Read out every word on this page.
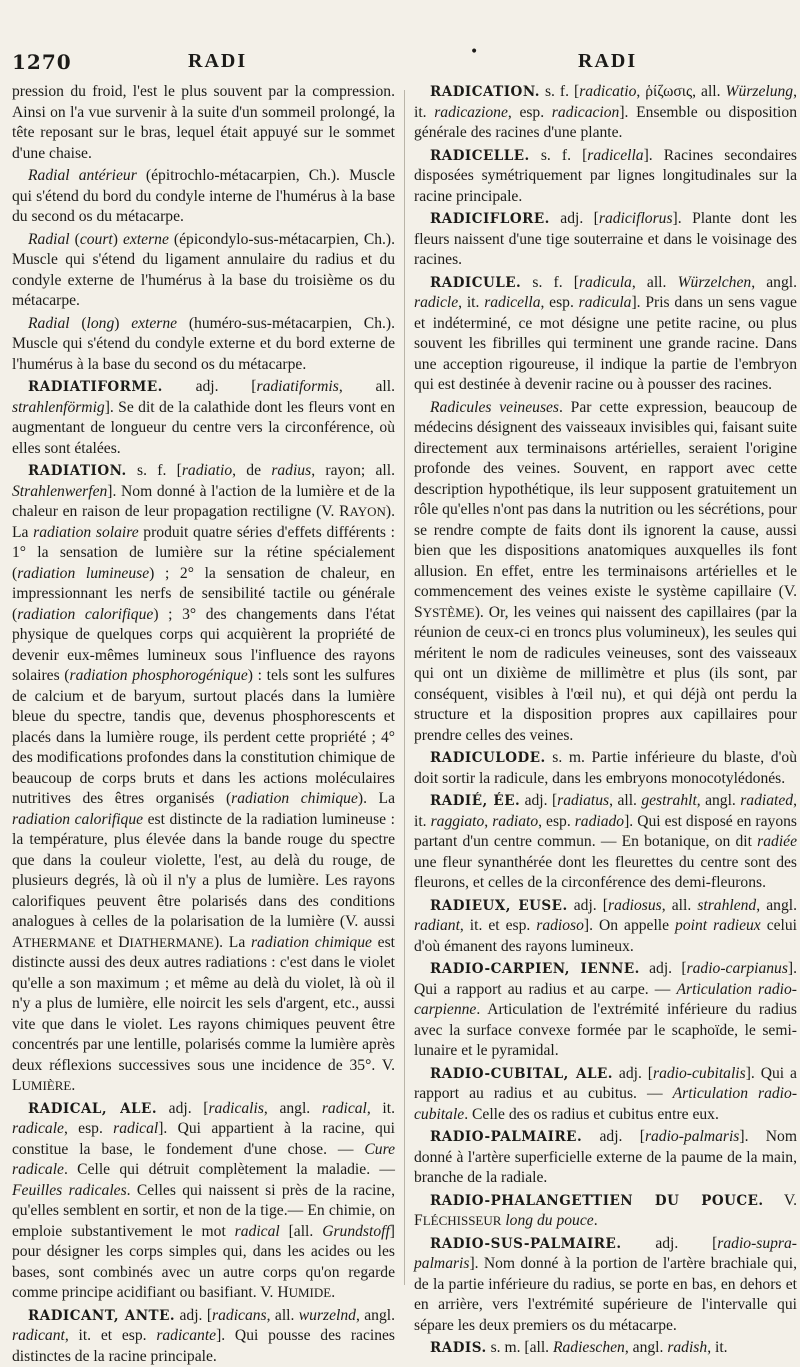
1270	•
RADI	RADI

pression du froid, l'est le plus souvent par la compression. Ainsi on l'a vue survenir à la suite d'un sommeil prolongé, la tête reposant sur le bras, lequel était appuyé sur le sommet d'une chaise.

Radial antérieur (épitrochlo-métacarpien, Ch.). Muscle qui s'étend du bord du condyle interne de l'humérus à la base du second os du métacarpe.

Radial (court) externe (épicondylo-sus-métacarpien, Ch.). Muscle qui s'étend du ligament annulaire du radius et du condyle externe de l'humérus à la base du troisième os du métacarpe.

Radial (long) externe (huméro-sus-métacarpien, Ch.). Muscle qui s'étend du condyle externe et du bord externe de l'humérus à la base du second os du métacarpe.

RADIATIFORME. adj. [radiatiformis, all. strahlenförmig]. Se dit de la calathide dont les fleurs vont en augmentant de longueur du centre vers la circonférence, où elles sont étalées.

RADIATION. s. f. [radiatio, de radius, rayon; all. Strahlenwerfen]. Nom donné à l'action de la lumière et de la chaleur en raison de leur propagation rectiligne (V. RAYON). La radiation solaire produit quatre séries d'effets différents : 1° la sensation de lumière sur la rétine spécialement (radiation lumineuse) ; 2° la sensation de chaleur, en impressionnant les nerfs de sensibilité tactile ou générale (radiation calorifique) ; 3° des changements dans l'état physique de quelques corps qui acquièrent la propriété de devenir eux-mêmes lumineux sous l'influence des rayons solaires (radiation phosphorogénique) : tels sont les sulfures de calcium et de baryum, surtout placés dans la lumière bleue du spectre, tandis que, devenus phosphorescents et placés dans la lumière rouge, ils perdent cette propriété ; 4° des modifications profondes dans la constitution chimique de beaucoup de corps bruts et dans les actions moléculaires nutritives des êtres organisés (radiation chimique). La radiation calorifique est distincte de la radiation lumineuse : la température, plus élevée dans la bande rouge du spectre que dans la couleur violette, l'est, au delà du rouge, de plusieurs degrés, là où il n'y a plus de lumière. Les rayons calorifiques peuvent être polarisés dans des conditions analogues à celles de la polarisation de la lumière (V. aussi ATHERMANE et DIATHERMANE). La radiation chimique est distincte aussi des deux autres radiations : c'est dans le violet qu'elle a son maximum ; et même au delà du violet, là où il n'y a plus de lumière, elle noircit les sels d'argent, etc., aussi vite que dans le violet. Les rayons chimiques peuvent être concentrés par une lentille, polarisés comme la lumière après deux réflexions successives sous une incidence de 35°. V. LUMIÈRE.

RADICAL, ALE. adj. [radicalis, angl. radical, it. radicale, esp. radical]. Qui appartient à la racine, qui constitue la base, le fondement d'une chose. — Cure radicale. Celle qui détruit complètement la maladie. — Feuilles radicales. Celles qui naissent si près de la racine, qu'elles semblent en sortir, et non de la tige.— En chimie, on emploie substantivement le mot radical [all. Grundstoff] pour désigner les corps simples qui, dans les acides ou les bases, sont combinés avec un autre corps qu'on regarde comme principe acidifiant ou basifiant. V. HUMIDE.

RADICANT, ANTE. adj. [radicans, all. wurzelnd, angl. radicant, it. et esp. radicante]. Qui pousse des racines distinctes de la racine principale.

RADICATION. s. f. [radicatio, ῥίζωσις, all. Würzelung, it. radicazione, esp. radicacion]. Ensemble ou disposition générale des racines d'une plante.

RADICELLE. s. f. [radicella]. Racines secondaires disposées symétriquement par lignes longitudinales sur la racine principale.

RADICIFLORE. adj. [radiciflorus]. Plante dont les fleurs naissent d'une tige souterraine et dans le voisinage des racines.

RADICULE. s. f. [radicula, all. Würzelchen, angl. radicle, it. radicella, esp. radicula]. Pris dans un sens vague et indéterminé, ce mot désigne une petite racine, ou plus souvent les fibrilles qui terminent une grande racine. Dans une acception rigoureuse, il indique la partie de l'embryon qui est destinée à devenir racine ou à pousser des racines.

Radicules veineuses. Par cette expression, beaucoup de médecins désignent des vaisseaux invisibles qui, faisant suite directement aux terminaisons artérielles, seraient l'origine profonde des veines. Souvent, en rapport avec cette description hypothétique, ils leur supposent gratuitement un rôle qu'elles n'ont pas dans la nutrition ou les sécrétions, pour se rendre compte de faits dont ils ignorent la cause, aussi bien que les dispositions anatomiques auxquelles ils font allusion. En effet, entre les terminaisons artérielles et le commencement des veines existe le système capillaire (V. SYSTÈME). Or, les veines qui naissent des capillaires (par la réunion de ceux-ci en troncs plus volumineux), les seules qui méritent le nom de radicules veineuses, sont des vaisseaux qui ont un dixième de millimètre et plus (ils sont, par conséquent, visibles à l'œil nu), et qui déjà ont perdu la structure et la disposition propres aux capillaires pour prendre celles des veines.

RADICULODE. s. m. Partie inférieure du blaste, d'où doit sortir la radicule, dans les embryons monocotylédonés.

RADIÉ, ÉE. adj. [radiatus, all. gestrahlt, angl. radiated, it. raggiato, radiato, esp. radiado]. Qui est disposé en rayons partant d'un centre commun. — En botanique, on dit radiée une fleur synanthérée dont les fleurettes du centre sont des fleurons, et celles de la circonférence des demi-fleurons.

RADIEUX, EUSE. adj. [radiosus, all. strahlend, angl. radiant, it. et esp. radioso]. On appelle point radieux celui d'où émanent des rayons lumineux.

RADIO-CARPIEN, IENNE. adj. [radio-carpianus]. Qui a rapport au radius et au carpe. — Articulation radio-carpienne. Articulation de l'extrémité inférieure du radius avec la surface convexe formée par le scaphoïde, le semi-lunaire et le pyramidal.

RADIO-CUBITAL, ALE. adj. [radio-cubitalis]. Qui a rapport au radius et au cubitus. — Articulation radio-cubitale. Celle des os radius et cubitus entre eux.

RADIO-PALMAIRE. adj. [radio-palmaris]. Nom donné à l'artère superficielle externe de la paume de la main, branche de la radiale.

RADIO-PHALANGETTIEN DU POUCE. V. FLÉCHISSEUR long du pouce.

RADIO-SUS-PALMAIRE. adj. [radio-supra-palmaris]. Nom donné à la portion de l'artère brachiale qui, de la partie inférieure du radius, se porte en bas, en dehors et en arrière, vers l'extrémité supérieure de l'intervalle qui sépare les deux premiers os du métacarpe.

RADIS. s. m. [all. Radieschen, angl. radish, it.
